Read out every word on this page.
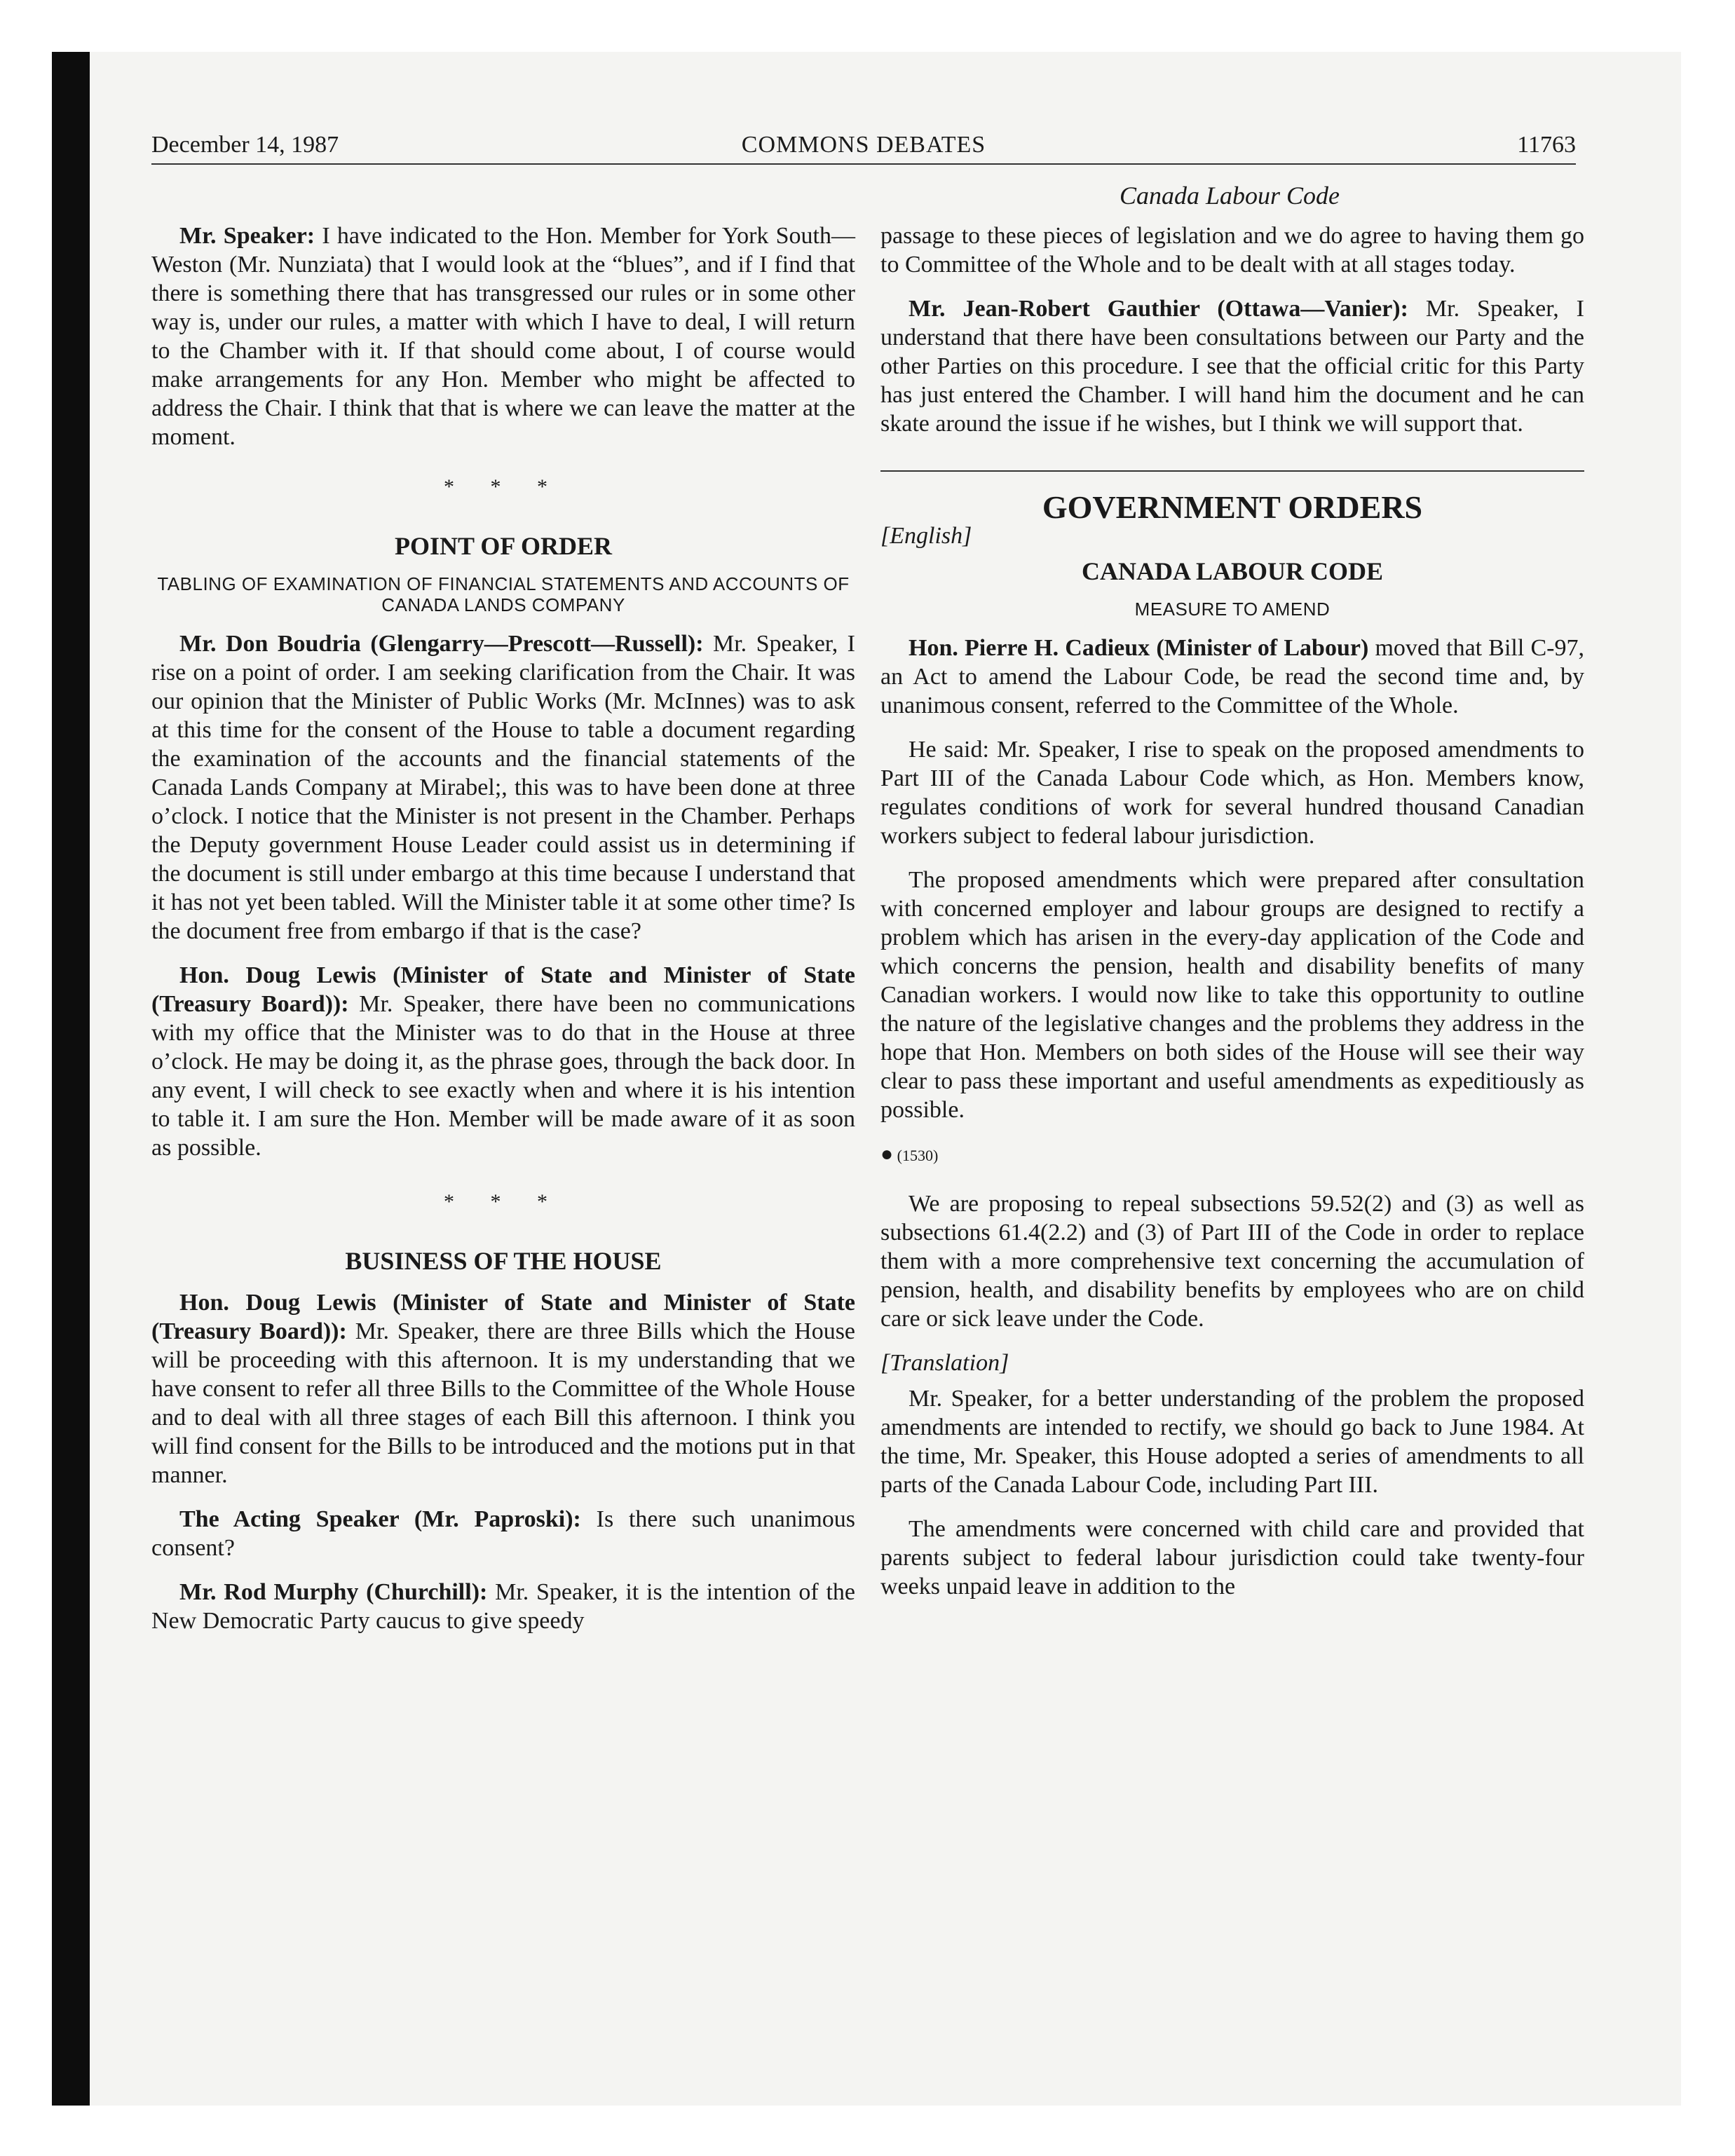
December 14, 1987	COMMONS DEBATES	11763
Canada Labour Code

Mr. Speaker: I have indicated to the Hon. Member for York South—Weston (Mr. Nunziata) that I would look at the “blues”, and if I find that there is something there that has transgressed our rules or in some other way is, under our rules, a matter with which I have to deal, I will return to the Chamber with it. If that should come about, I of course would make arrangements for any Hon. Member who might be affected to address the Chair. I think that that is where we can leave the matter at the moment.

* * *
POINT OF ORDER
TABLING OF EXAMINATION OF FINANCIAL STATEMENTS AND ACCOUNTS OF CANADA LANDS COMPANY

Mr. Don Boudria (Glengarry—Prescott—Russell): Mr. Speaker, I rise on a point of order. I am seeking clarification from the Chair. It was our opinion that the Minister of Public Works (Mr. McInnes) was to ask at this time for the consent of the House to table a document regarding the examination of the accounts and the financial statements of the Canada Lands Company at Mirabel;, this was to have been done at three o’clock. I notice that the Minister is not present in the Chamber. Perhaps the Deputy government House Leader could assist us in determining if the document is still under embargo at this time because I understand that it has not yet been tabled. Will the Minister table it at some other time? Is the document free from embargo if that is the case?

Hon. Doug Lewis (Minister of State and Minister of State (Treasury Board)): Mr. Speaker, there have been no communications with my office that the Minister was to do that in the House at three o’clock. He may be doing it, as the phrase goes, through the back door. In any event, I will check to see exactly when and where it is his intention to table it. I am sure the Hon. Member will be made aware of it as soon as possible.

* * *
BUSINESS OF THE HOUSE

Hon. Doug Lewis (Minister of State and Minister of State (Treasury Board)): Mr. Speaker, there are three Bills which the House will be proceeding with this afternoon. It is my understanding that we have consent to refer all three Bills to the Committee of the Whole House and to deal with all three stages of each Bill this afternoon. I think you will find consent for the Bills to be introduced and the motions put in that manner.

The Acting Speaker (Mr. Paproski): Is there such unanimous consent?

Mr. Rod Murphy (Churchill): Mr. Speaker, it is the intention of the New Democratic Party caucus to give speedy

passage to these pieces of legislation and we do agree to having them go to Committee of the Whole and to be dealt with at all stages today.

Mr. Jean-Robert Gauthier (Ottawa—Vanier): Mr. Speaker, I understand that there have been consultations between our Party and the other Parties on this procedure. I see that the official critic for this Party has just entered the Chamber. I will hand him the document and he can skate around the issue if he wishes, but I think we will support that.

GOVERNMENT ORDERS
[English]
CANADA LABOUR CODE
MEASURE TO AMEND

Hon. Pierre H. Cadieux (Minister of Labour) moved that Bill C-97, an Act to amend the Labour Code, be read the second time and, by unanimous consent, referred to the Committee of the Whole.

He said: Mr. Speaker, I rise to speak on the proposed amendments to Part III of the Canada Labour Code which, as Hon. Members know, regulates conditions of work for several hundred thousand Canadian workers subject to federal labour jurisdiction.

The proposed amendments which were prepared after consultation with concerned employer and labour groups are designed to rectify a problem which has arisen in the every-day application of the Code and which concerns the pension, health and disability benefits of many Canadian workers. I would now like to take this opportunity to outline the nature of the legislative changes and the problems they address in the hope that Hon. Members on both sides of the House will see their way clear to pass these important and useful amendments as expeditiously as possible.

● (1530)

We are proposing to repeal subsections 59.52(2) and (3) as well as subsections 61.4(2.2) and (3) of Part III of the Code in order to replace them with a more comprehensive text concerning the accumulation of pension, health, and disability benefits by employees who are on child care or sick leave under the Code.

[Translation]

Mr. Speaker, for a better understanding of the problem the proposed amendments are intended to rectify, we should go back to June 1984. At the time, Mr. Speaker, this House adopted a series of amendments to all parts of the Canada Labour Code, including Part III.

The amendments were concerned with child care and provided that parents subject to federal labour jurisdiction could take twenty-four weeks unpaid leave in addition to the
